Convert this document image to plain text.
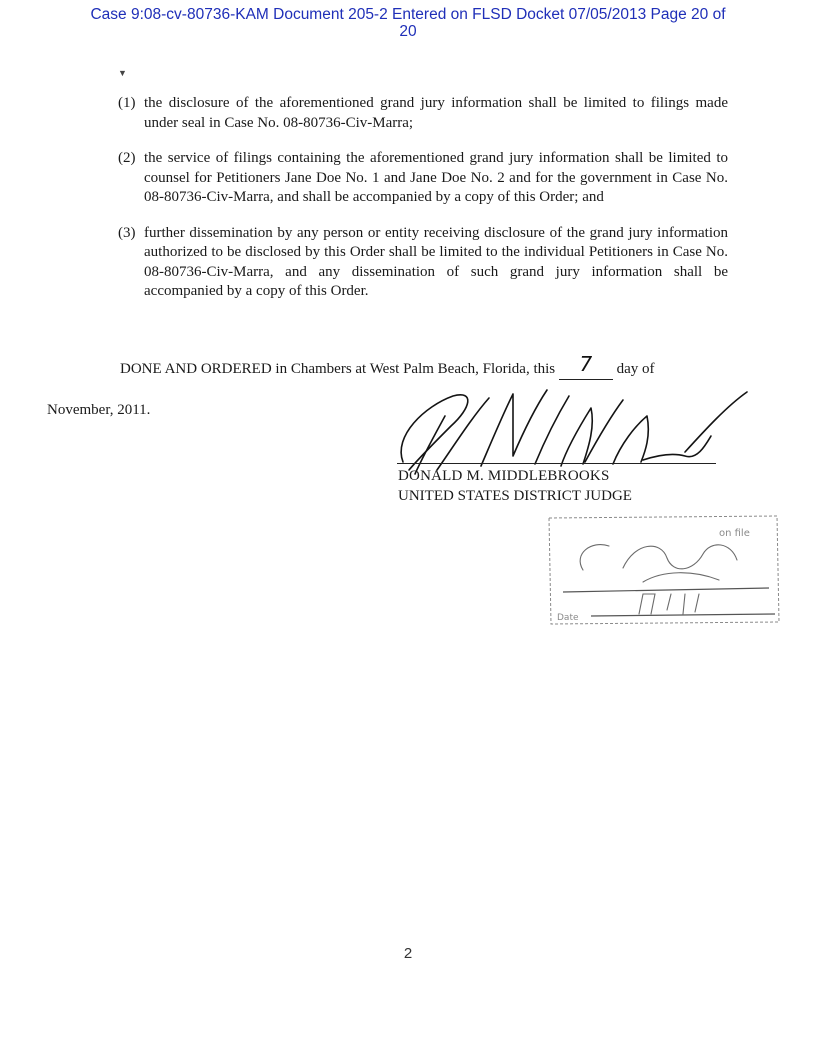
Case 9:08-cv-80736-KAM Document 205-2 Entered on FLSD Docket 07/05/2013 Page 20 of
20
▼
(1) the disclosure of the aforementioned grand jury information shall be limited to filings made under seal in Case No. 08-80736-Civ-Marra;
(2) the service of filings containing the aforementioned grand jury information shall be limited to counsel for Petitioners Jane Doe No. 1 and Jane Doe No. 2 and for the government in Case No. 08-80736-Civ-Marra, and shall be accompanied by a copy of this Order; and
(3) further dissemination by any person or entity receiving disclosure of the grand jury information authorized to be disclosed by this Order shall be limited to the individual Petitioners in Case No. 08-80736-Civ-Marra, and any dissemination of such grand jury information shall be accompanied by a copy of this Order.
DONE AND ORDERED in Chambers at West Palm Beach, Florida, this 7 day of
November, 2011.
DONALD M. MIDDLEBROOKS
UNITED STATES DISTRICT JUDGE
on file
Date
11/7/11
2
